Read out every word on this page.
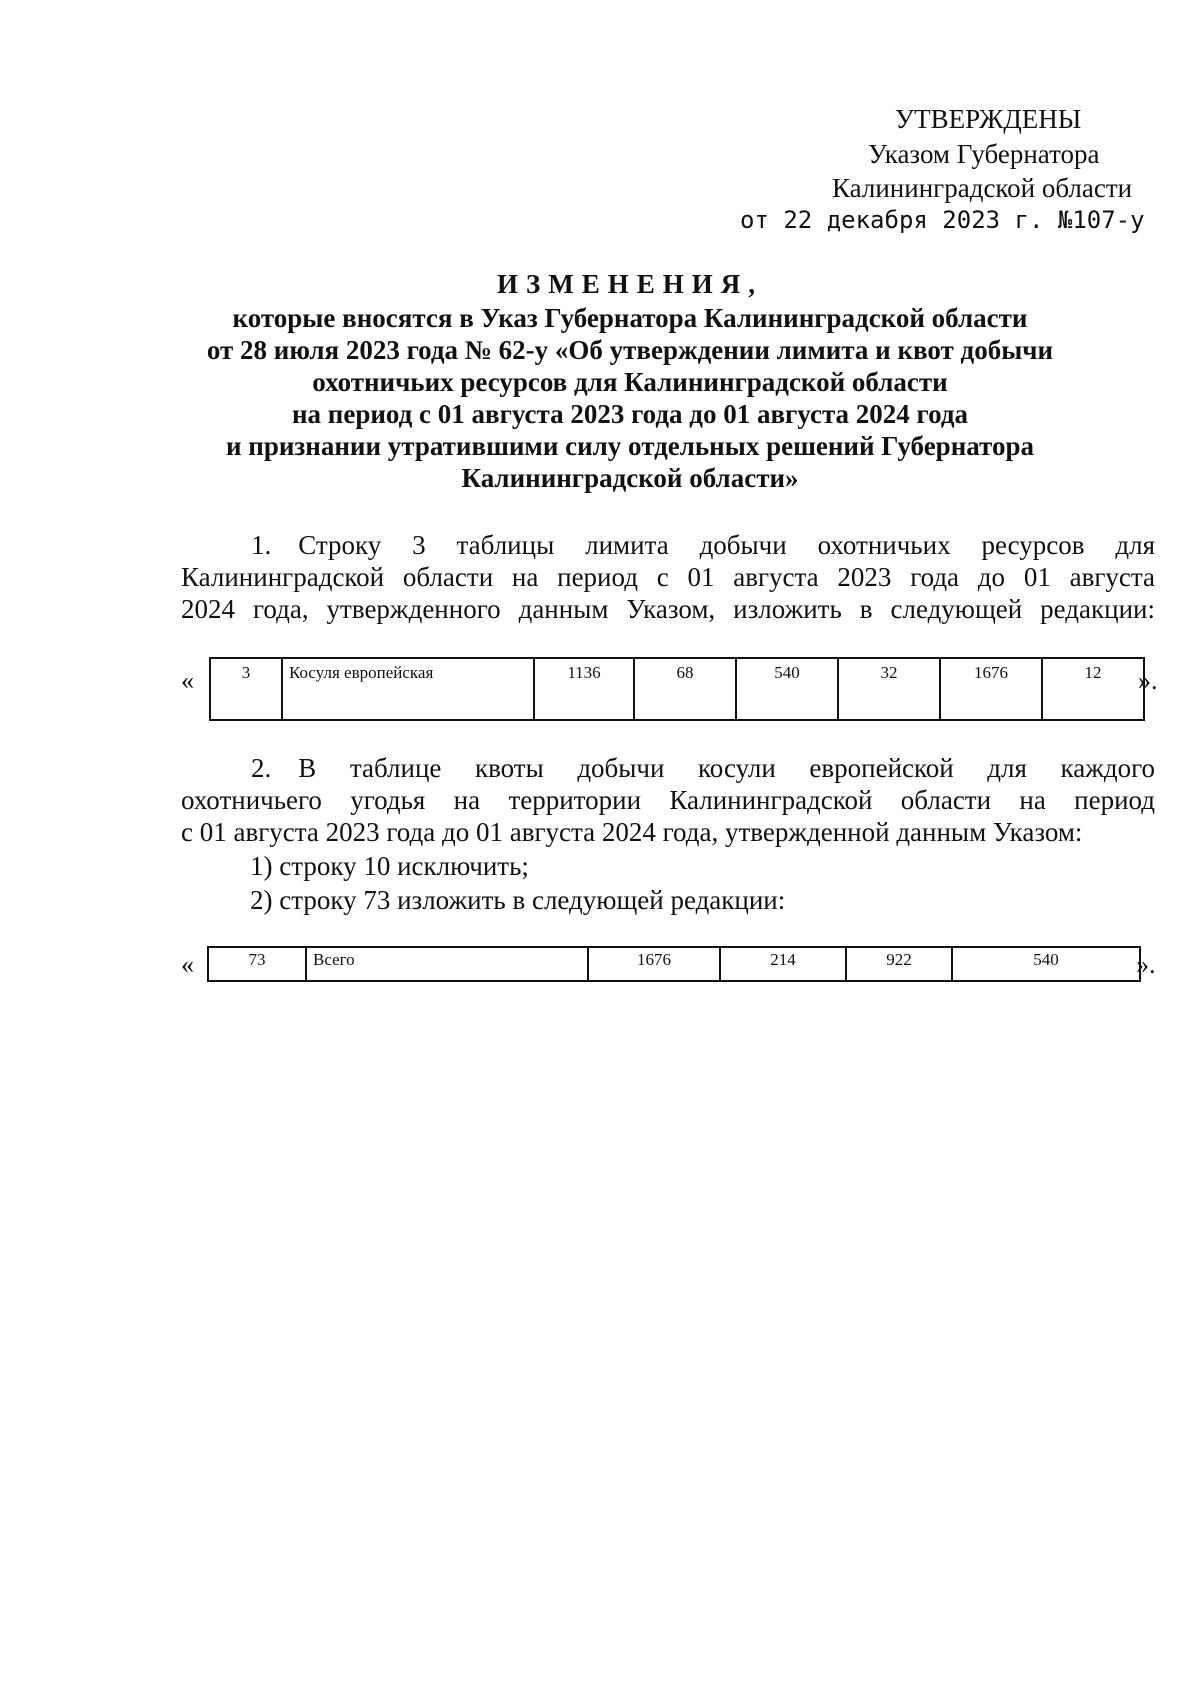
УТВЕРЖДЕНЫ
Указом Губернатора
Калининградской области
от 22 декабря 2023 г. №107-у
ИЗМЕНЕНИЯ,
которые вносятся в Указ Губернатора Калининградской области
от 28 июля 2023 года № 62-у «Об утверждении лимита и квот добычи
охотничьих ресурсов для Калининградской области
на период с 01 августа 2023 года до 01 августа 2024 года
и признании утратившими силу отдельных решений Губернатора
Калининградской области»
1. Строку 3 таблицы лимита добычи охотничьих ресурсов для
Калининградской области на период с 01 августа 2023 года до 01 августа
2024 года, утвержденного данным Указом, изложить в следующей редакции:
«	3	Косуля европейская	1136	68	540	32	1676	12 ».
2. В таблице квоты добычи косули европейской для каждого
охотничьего угодья на территории Калининградской области на период
с 01 августа 2023 года до 01 августа 2024 года, утвержденной данным Указом:
1) строку 10 исключить;
2) строку 73 изложить в следующей редакции:
«	73	Всего	1676	214	922	540	».
